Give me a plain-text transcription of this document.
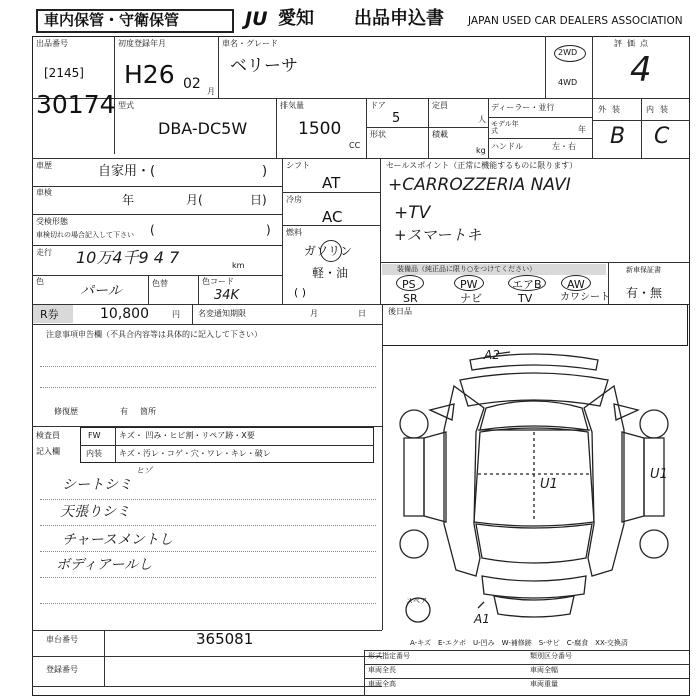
車内保管・守衛保管	JU 愛知 出品申込書 JAPAN USED CAR DEALERS ASSOCIATION
出品番号
[2145]
30174
初度登録年月
H26 02 月
車名・グレード
ベリーサ
2WD
4WD
評価点
4
型式
DBA-DC5W
排気量
1500
CC
ドア
5
形状
定員
人
積載
kg
ディーラー・並行
モデル年式	年
ハンドル	左・右
外装	内装
B C
車歴	自家用・(	)
車検
年	月(	日)
受検形態
車検切れの場合記入して下さい (	)
走行 10万4千9 4 7	km
色
パール	色替	色コード
34K
シフト
AT
冷房
AC
燃料
ガソリン
軽・油
( )
セールスポイント（正常に機能するものに限ります）
+CARROZZERIA NAVI
+TV
+スマートキ
装備品（純正品に限り○をつけてください）
PS	PW	エアB AW
SR	ナビ	TV	カワシート
新車保証書
有・無
R券	10,800	円 名変通知期限	月	日	後日品
注意事項申告欄（不具合内容等は具体的に記入して下さい）
修復歴	有 箇所
検査員
記入欄
FW キズ・ 凹み・ヒビ割・リペア跡・X要
内装 キズ・汚レ・コゲ・穴・ワレ・キレ・破レ
ヒゾ
シートシミ
天張りシミ
チャースメントし
ボディアールし
A2
U1
U1
A1
スペア
A-キズ　E-エクボ　U-凹み　W-補修跡　S-サビ　C-腐食　XX-交換済
車台番号	365081
登録番号
形式指定番号	類別区分番号
車両全長	車両全幅
車両全高	車両重量
